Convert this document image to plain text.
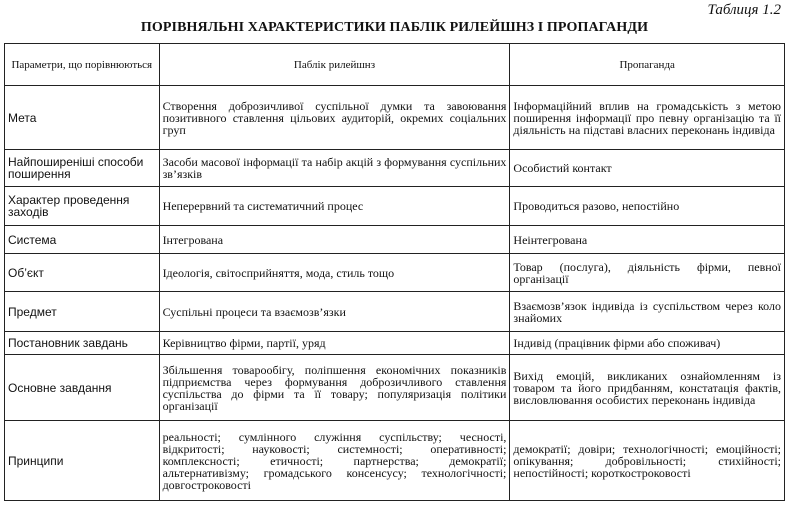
Таблиця 1.2
ПОРІВНЯЛЬНІ ХАРАКТЕРИСТИКИ ПАБЛІК РИЛЕЙШНЗ І ПРОПАГАНДИ
Параметри, що порівнюються	Паблік рилейшнз	Пропаганда
Мета	Створення доброзичливої суспільної думки та завоювання позитивного ставлення цільових аудиторій, окремих соціальних груп	Інформаційний вплив на громадськість з метою поширення інформації про певну організацію та її діяльність на підставі власних переконань індивіда
Найпоширеніші способи поширення	Засоби масової інформації та набір акцій з формування суспільних зв’язків	Особистий контакт
Характер проведення заходів	Неперервний та систематичний процес	Проводиться разово, непостійно
Система	Інтегрована	Неінтегрована
Об’єкт	Ідеологія, світосприйняття, мода, стиль тощо	Товар (послуга), діяльність фірми, певної організації
Предмет	Суспільні процеси та взаємозв’язки	Взаємозв’язок індивіда із суспільством через коло знайомих
Постановник завдань	Керівництво фірми, партії, уряд	Індивід (працівник фірми або споживач)
Основне завдання	Збільшення товарообігу, поліпшення економічних показників підприємства через формування доброзичливого ставлення суспільства до фірми та її товару; популяризація політики організації	Вихід емоцій, викликаних ознайомленням із товаром та його придбанням, констатація фактів, висловлювання особистих переконань індивіда
Принципи	реальності; сумлінного служіння суспільству; чесності, відкритості; науковості; системності; оперативності; комплексності; етичності; партнерства; демократії; альтернативізму; громадського консенсусу; технологічності; довгостроковості	демократії; довіри; технологічності; емоційності; опікування; добровільності; стихійності; непостійності; короткостроковості
